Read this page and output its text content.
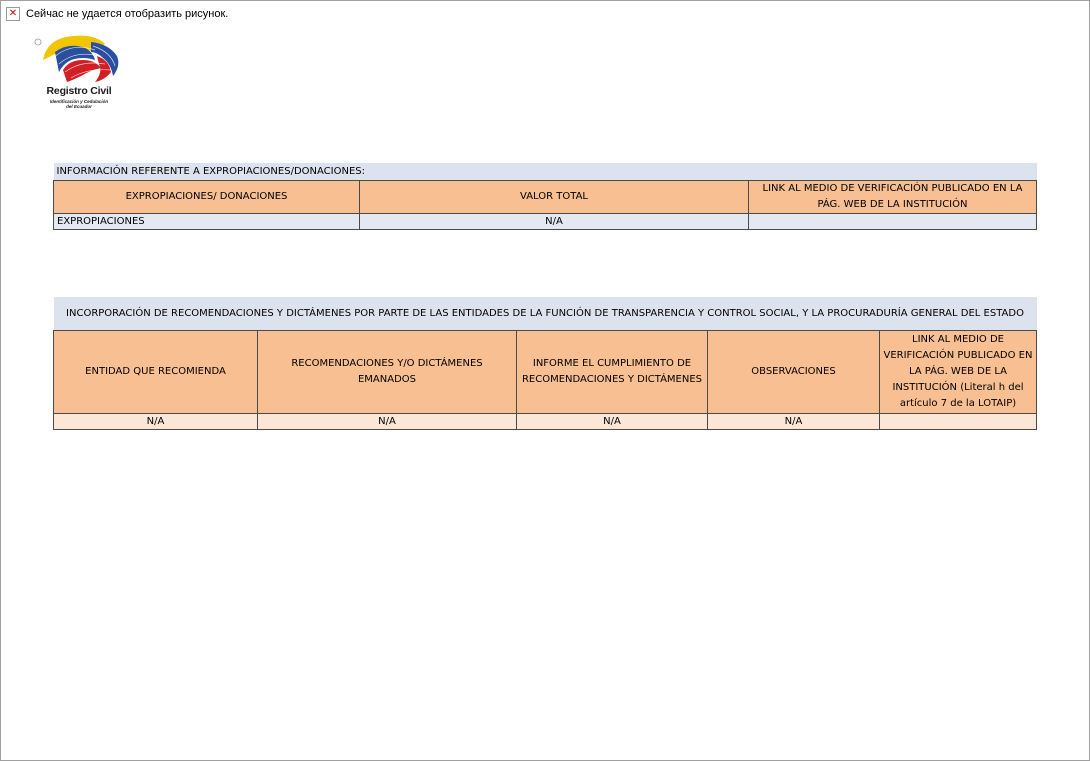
✕ Сейчас не удается отобразить рисунок.
Registro Civil
Identificación y Cedulación
del Ecuador
INFORMACIÓN REFERENTE A EXPROPIACIONES/DONACIONES:		
EXPROPIACIONES/ DONACIONES	VALOR TOTAL	LINK AL MEDIO DE VERIFICACIÓN PUBLICADO EN LA PÁG. WEB DE LA INSTITUCIÓN
EXPROPIACIONES	N/A	
INCORPORACIÓN DE RECOMENDACIONES Y DICTÁMENES POR PARTE DE LAS ENTIDADES DE LA FUNCIÓN DE TRANSPARENCIA Y CONTROL SOCIAL, Y LA PROCURADURÍA GENERAL DEL ESTADO				
ENTIDAD QUE RECOMIENDA	RECOMENDACIONES Y/O DICTÁMENES EMANADOS	INFORME EL CUMPLIMIENTO DE RECOMENDACIONES Y DICTÁMENES	OBSERVACIONES	LINK AL MEDIO DE VERIFICACIÓN PUBLICADO EN LA PÁG. WEB DE LA INSTITUCIÓN (Literal h del artículo 7 de la LOTAIP)
N/A	N/A	N/A	N/A	
